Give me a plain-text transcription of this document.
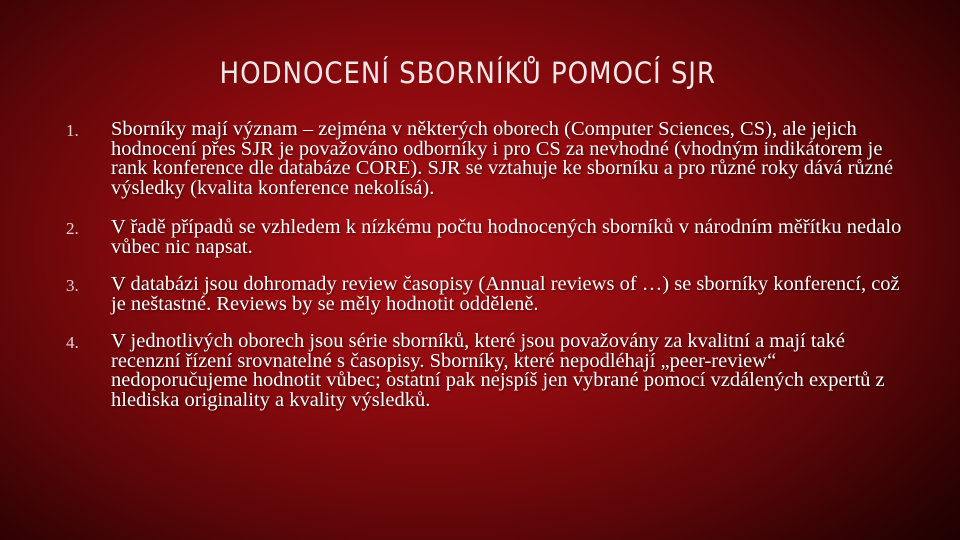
HODNOCENÍ SBORNÍKŮ POMOCÍ SJR
1. Sborníky mají význam – zejména v některých oborech (Computer Sciences, CS), ale jejich hodnocení přes SJR je považováno odborníky i pro CS za nevhodné (vhodným indikátorem je rank konference dle databáze CORE). SJR se vztahuje ke sborníku a pro různé roky dává různé výsledky (kvalita konference nekolísá).
2. V řadě případů se vzhledem k nízkému počtu hodnocených sborníků v národním měřítku nedalo vůbec nic napsat.
3. V databázi jsou dohromady review časopisy (Annual reviews of …) se sborníky konferencí, což je neštastné. Reviews by se měly hodnotit odděleně.
4. V jednotlivých oborech jsou série sborníků, které jsou považovány za kvalitní a mají také recenzní řízení srovnatelné s časopisy. Sborníky, které nepodléhají „peer-review“ nedoporučujeme hodnotit vůbec; ostatní pak nejspíš jen vybrané pomocí vzdálených expertů z hlediska originality a kvality výsledků.
